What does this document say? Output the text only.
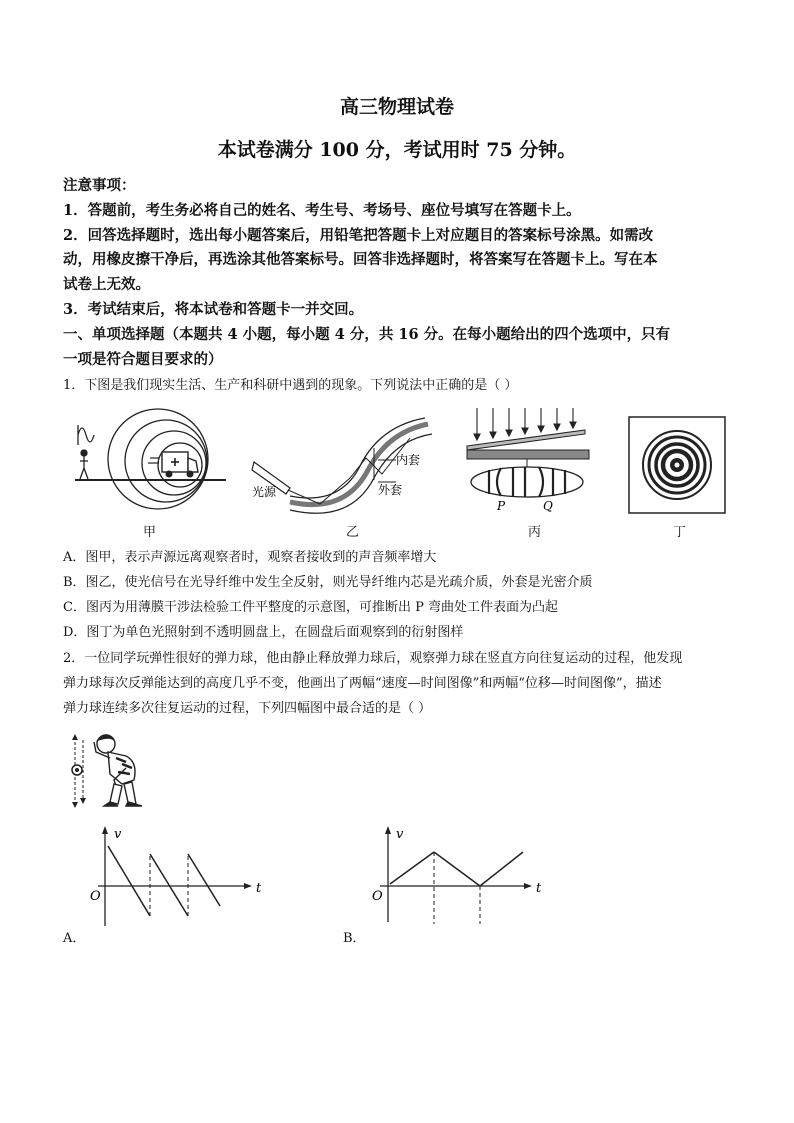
高三物理试卷
本试卷满分 100 分，考试用时 75 分钟。
注意事项：
1．答题前，考生务必将自己的姓名、考生号、考场号、座位号填写在答题卡上。
2．回答选择题时，选出每小题答案后，用铅笔把答题卡上对应题目的答案标号涂黑。如需改
动，用橡皮擦干净后，再选涂其他答案标号。回答非选择题时，将答案写在答题卡上。写在本
试卷上无效。
3．考试结束后，将本试卷和答题卡一并交回。
一、单项选择题（本题共 4 小题，每小题 4 分，共 16 分。在每小题给出的四个选项中，只有
一项是符合题目要求的）
1．下图是我们现实生活、生产和科研中遇到的现象。下列说法中正确的是（ ）
甲
内套
外套
光源
乙
P	Q
丙	丁
A．图甲，表示声源远离观察者时，观察者接收到的声音频率增大
B．图乙，使光信号在光导纤维中发生全反射，则光导纤维内芯是光疏介质，外套是光密介质
C．图丙为用薄膜干涉法检验工件平整度的示意图，可推断出 P 弯曲处工件表面为凸起
D．图丁为单色光照射到不透明圆盘上，在圆盘后面观察到的衍射图样
2．一位同学玩弹性很好的弹力球，他由静止释放弹力球后，观察弹力球在竖直方向往复运动的过程，他发现
弹力球每次反弹能达到的高度几乎不变，他画出了两幅“速度—时间图像”和两幅“位移—时间图像”，描述
弹力球连续多次往复运动的过程，下列四幅图中最合适的是（ ）
v
t
O
A．
v
t
O
B．
